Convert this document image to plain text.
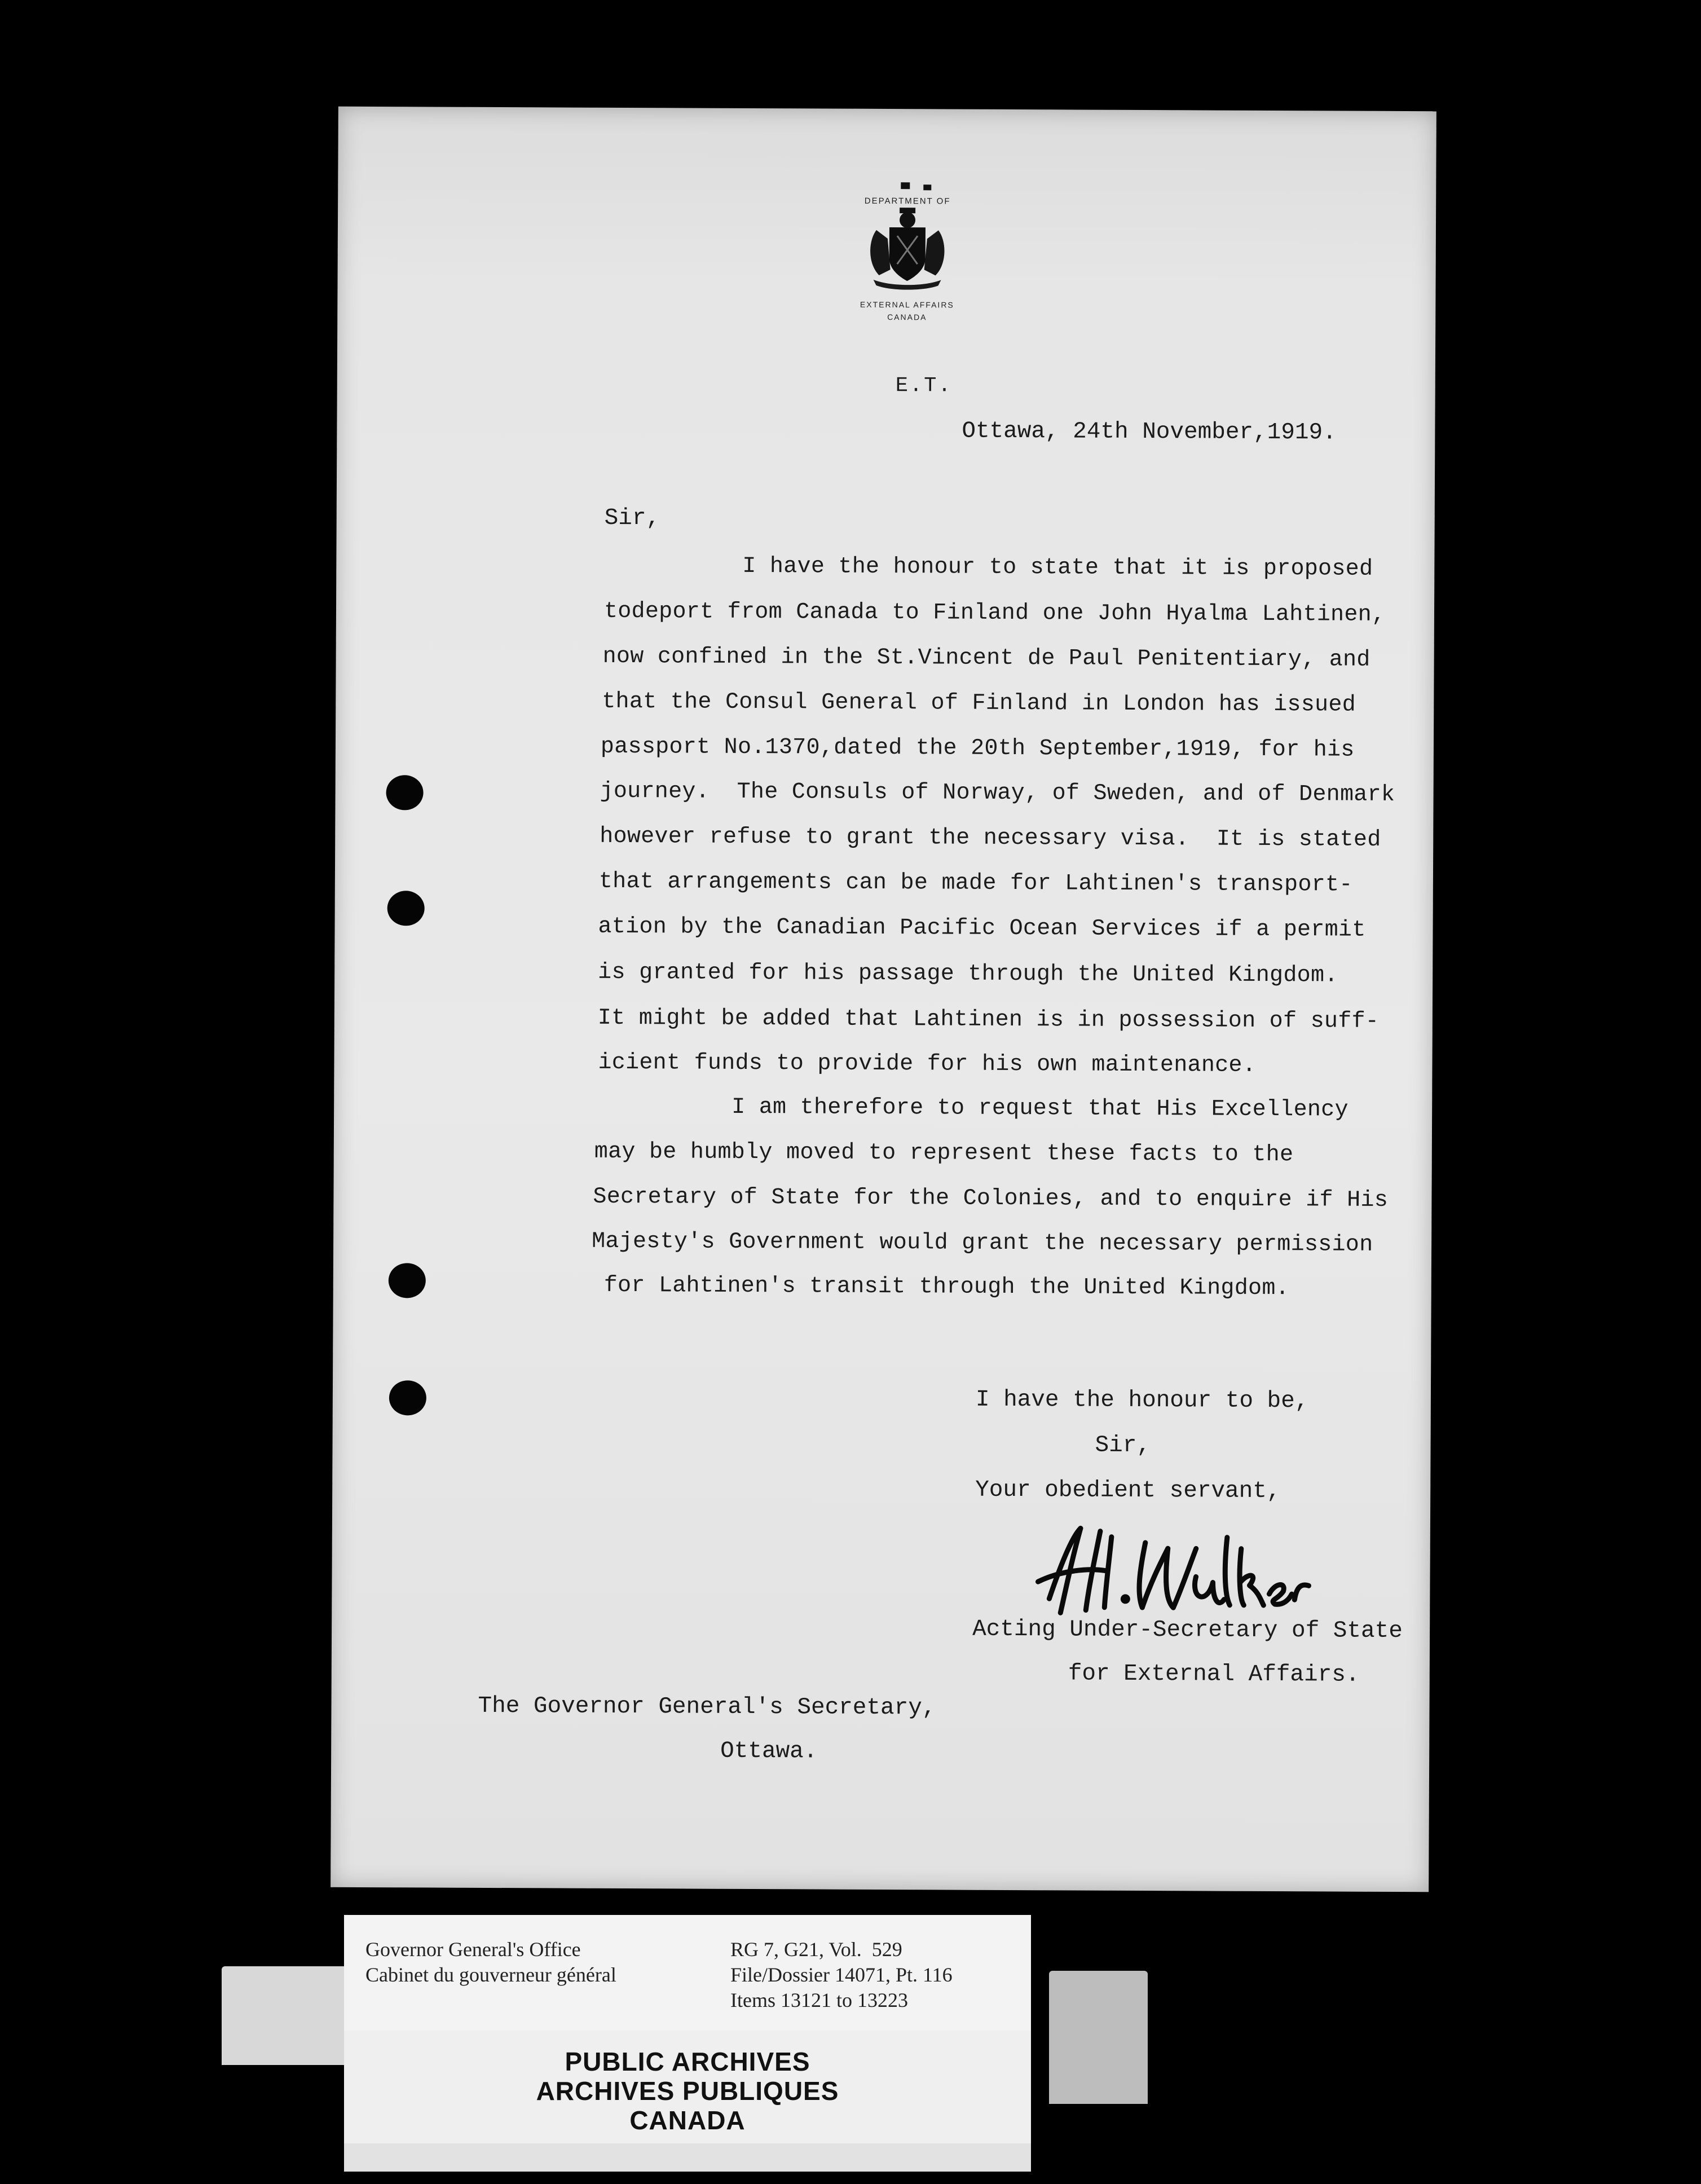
DEPARTMENT OF
EXTERNAL AFFAIRS
CANADA
E.T.
Ottawa, 24th November,1919.
Sir,
I have the honour to state that it is proposed
todeport from Canada to Finland one John Hyalma Lahtinen,
now confined in the St.Vincent de Paul Penitentiary, and
that the Consul General of Finland in London has issued
passport No.1370,dated the 20th September,1919, for his
journey.  The Consuls of Norway, of Sweden, and of Denmark
however refuse to grant the necessary visa.  It is stated
that arrangements can be made for Lahtinen's transport-
ation by the Canadian Pacific Ocean Services if a permit
is granted for his passage through the United Kingdom.
It might be added that Lahtinen is in possession of suff-
icient funds to provide for his own maintenance.
I am therefore to request that His Excellency
may be humbly moved to represent these facts to the
Secretary of State for the Colonies, and to enquire if His
Majesty's Government would grant the necessary permission
for Lahtinen's transit through the United Kingdom.
I have the honour to be,
Sir,
Your obedient servant,
Acting Under-Secretary of State
for External Affairs.
The Governor General's Secretary,
Ottawa.
Governor General's Office
Cabinet du gouverneur général
RG 7, G21, Vol.  529
File/Dossier 14071, Pt. 116
Items 13121 to 13223
PUBLIC ARCHIVES
ARCHIVES PUBLIQUES
CANADA
